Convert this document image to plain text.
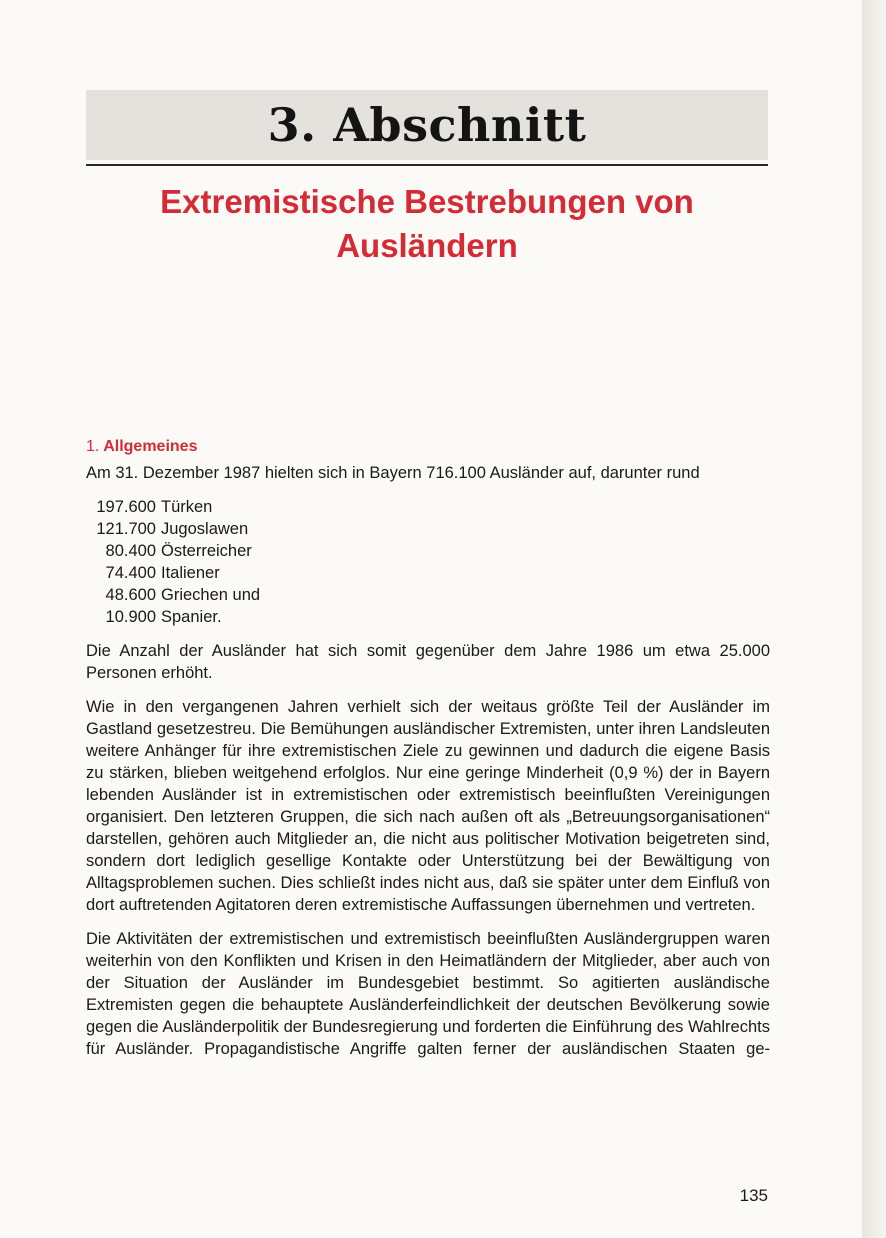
3. Abschnitt
Extremistische Bestrebungen von
Ausländern
1. Allgemeines

Am 31. Dezember 1987 hielten sich in Bayern 716.100 Ausländer auf, darunter rund

197.600 Türken
121.700 Jugoslawen
80.400 Österreicher
74.400 Italiener
48.600 Griechen und
10.900 Spanier.

Die Anzahl der Ausländer hat sich somit gegenüber dem Jahre 1986 um etwa 25.000 Personen erhöht.

Wie in den vergangenen Jahren verhielt sich der weitaus größte Teil der Ausländer im Gastland gesetzestreu. Die Bemühungen ausländischer Extremisten, unter ihren Landsleuten weitere Anhänger für ihre extremistischen Ziele zu gewinnen und dadurch die eigene Basis zu stärken, blieben weitgehend erfolglos. Nur eine geringe Minderheit (0,9 %) der in Bayern lebenden Ausländer ist in extremistischen oder extremistisch beeinflußten Vereinigungen organisiert. Den letzteren Gruppen, die sich nach außen oft als „Betreuungsorganisationen“ darstellen, gehören auch Mitglieder an, die nicht aus politischer Motivation beigetreten sind, sondern dort lediglich gesellige Kontakte oder Unterstützung bei der Bewältigung von Alltagsproblemen suchen. Dies schließt indes nicht aus, daß sie später unter dem Einfluß von dort auftretenden Agitatoren deren extremistische Auffassungen übernehmen und vertreten.

Die Aktivitäten der extremistischen und extremistisch beeinflußten Ausländergruppen waren weiterhin von den Konflikten und Krisen in den Heimatländern der Mitglieder, aber auch von der Situation der Ausländer im Bundesgebiet bestimmt. So agitierten ausländische Extremisten gegen die behauptete Ausländerfeindlichkeit der deutschen Bevölkerung sowie gegen die Ausländerpolitik der Bundesregierung und forderten die Einführung des Wahlrechts für Ausländer. Propagandistische Angriffe galten ferner der ausländischen Staaten ge-

135
